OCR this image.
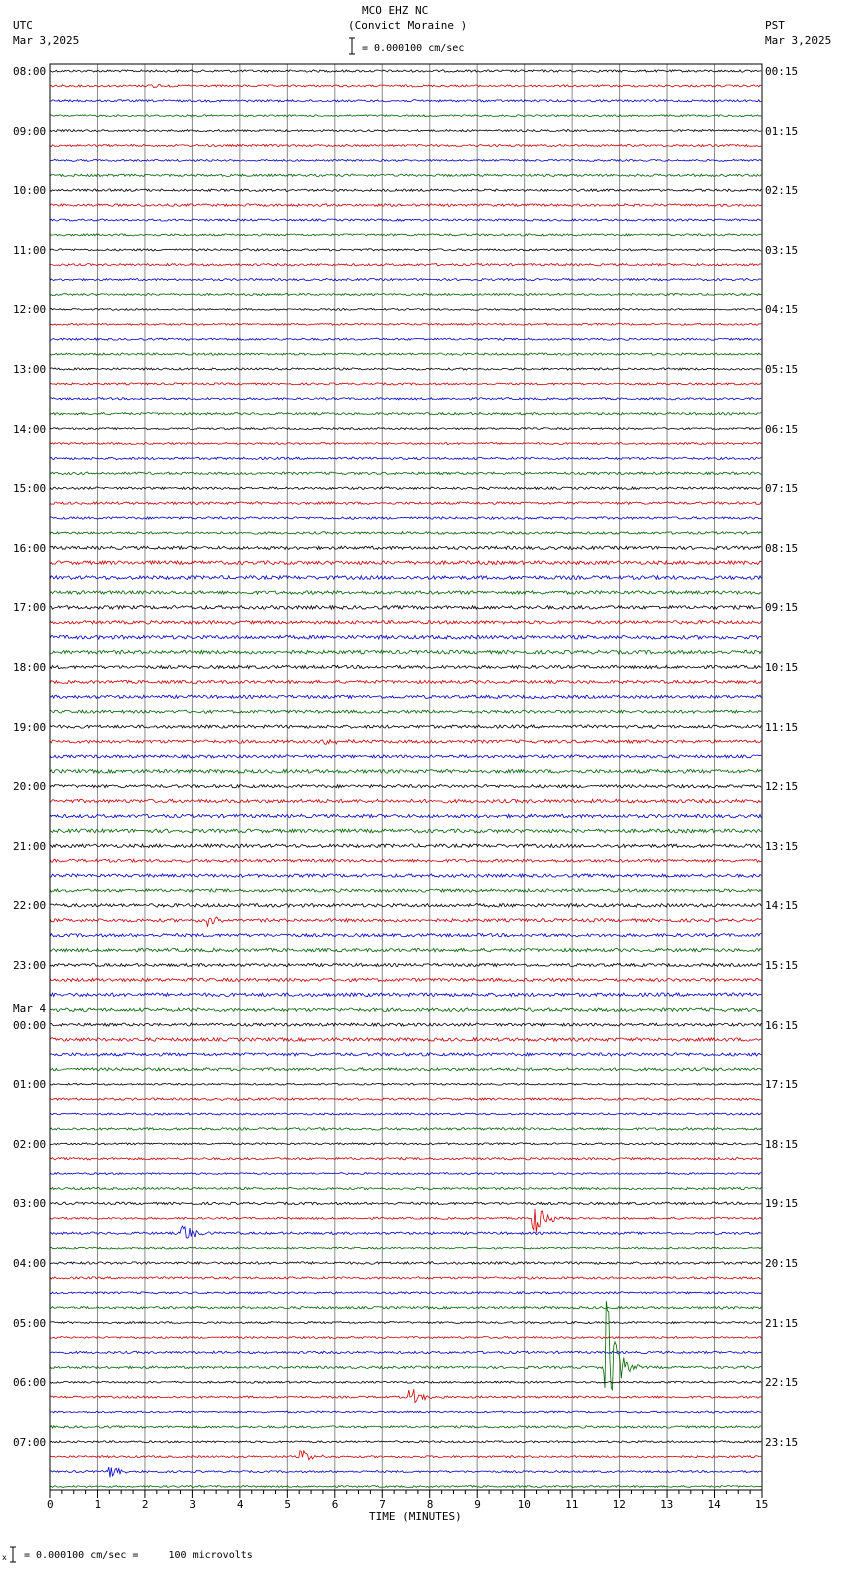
MCO EHZ NC
(Convict Moraine )
= 0.000100 cm/sec
UTC
Mar 3,2025
PST
Mar 3,2025
Mar 4
TIME (MINUTES)
= 0.000100 cm/sec =     100 microvolts
x
08:00
09:00
10:00
11:00
12:00
13:00
14:00
15:00
16:00
17:00
18:00
19:00
20:00
21:00
22:00
23:00
00:00
01:00
02:00
03:00
04:00
05:00
06:00
07:00
00:15
01:15
02:15
03:15
04:15
05:15
06:15
07:15
08:15
09:15
10:15
11:15
12:15
13:15
14:15
15:15
16:15
17:15
18:15
19:15
20:15
21:15
22:15
23:15
0	1	2	3	4	5	6	7	8	9	10	11	12	13	14	15
